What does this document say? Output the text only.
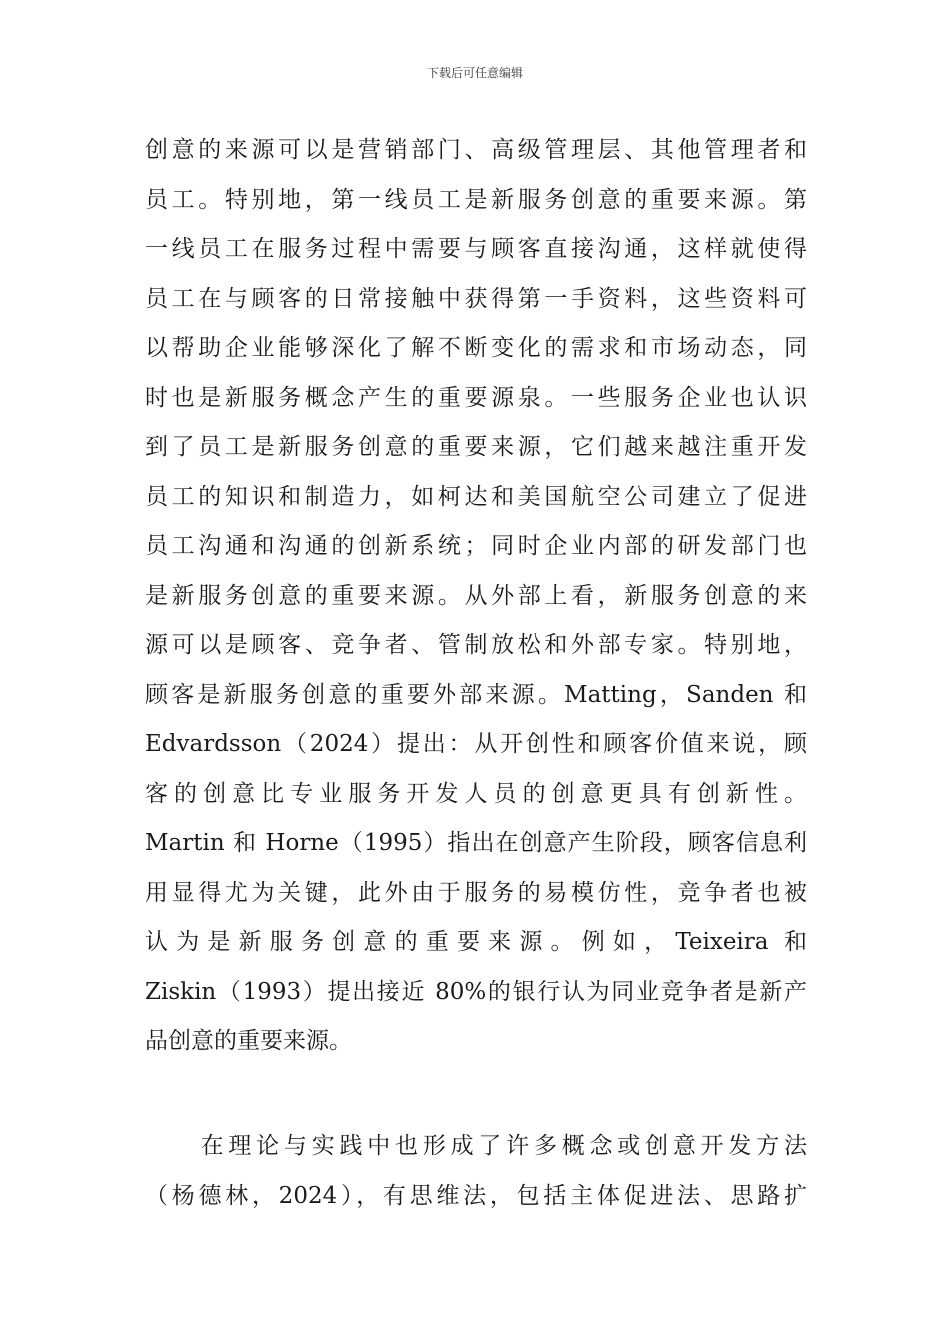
下载后可任意编辑
创意的来源可以是营销部门、高级管理层、其他管理者和
员工。特别地，第一线员工是新服务创意的重要来源。第
一线员工在服务过程中需要与顾客直接沟通，这样就使得
员工在与顾客的日常接触中获得第一手资料，这些资料可
以帮助企业能够深化了解不断变化的需求和市场动态，同
时也是新服务概念产生的重要源泉。一些服务企业也认识
到了员工是新服务创意的重要来源，它们越来越注重开发
员工的知识和制造力，如柯达和美国航空公司建立了促进
员工沟通和沟通的创新系统；同时企业内部的研发部门也
是新服务创意的重要来源。从外部上看，新服务创意的来
源可以是顾客、竞争者、管制放松和外部专家。特别地，
顾客是新服务创意的重要外部来源。Matting，Sanden 和
Edvardsson（2024）提出：从开创性和顾客价值来说，顾
客的创意比专业服务开发人员的创意更具有创新性。
Martin 和 Horne（1995）指出在创意产生阶段，顾客信息利
用显得尤为关键，此外由于服务的易模仿性，竞争者也被
认为是新服务创意的重要来源。例如，Teixeira 和
Ziskin（1993）提出接近 80%的银行认为同业竞争者是新产
品创意的重要来源。
　　在理论与实践中也形成了许多概念或创意开发方法
（杨德林，2024），有思维法，包括主体促进法、思路扩
